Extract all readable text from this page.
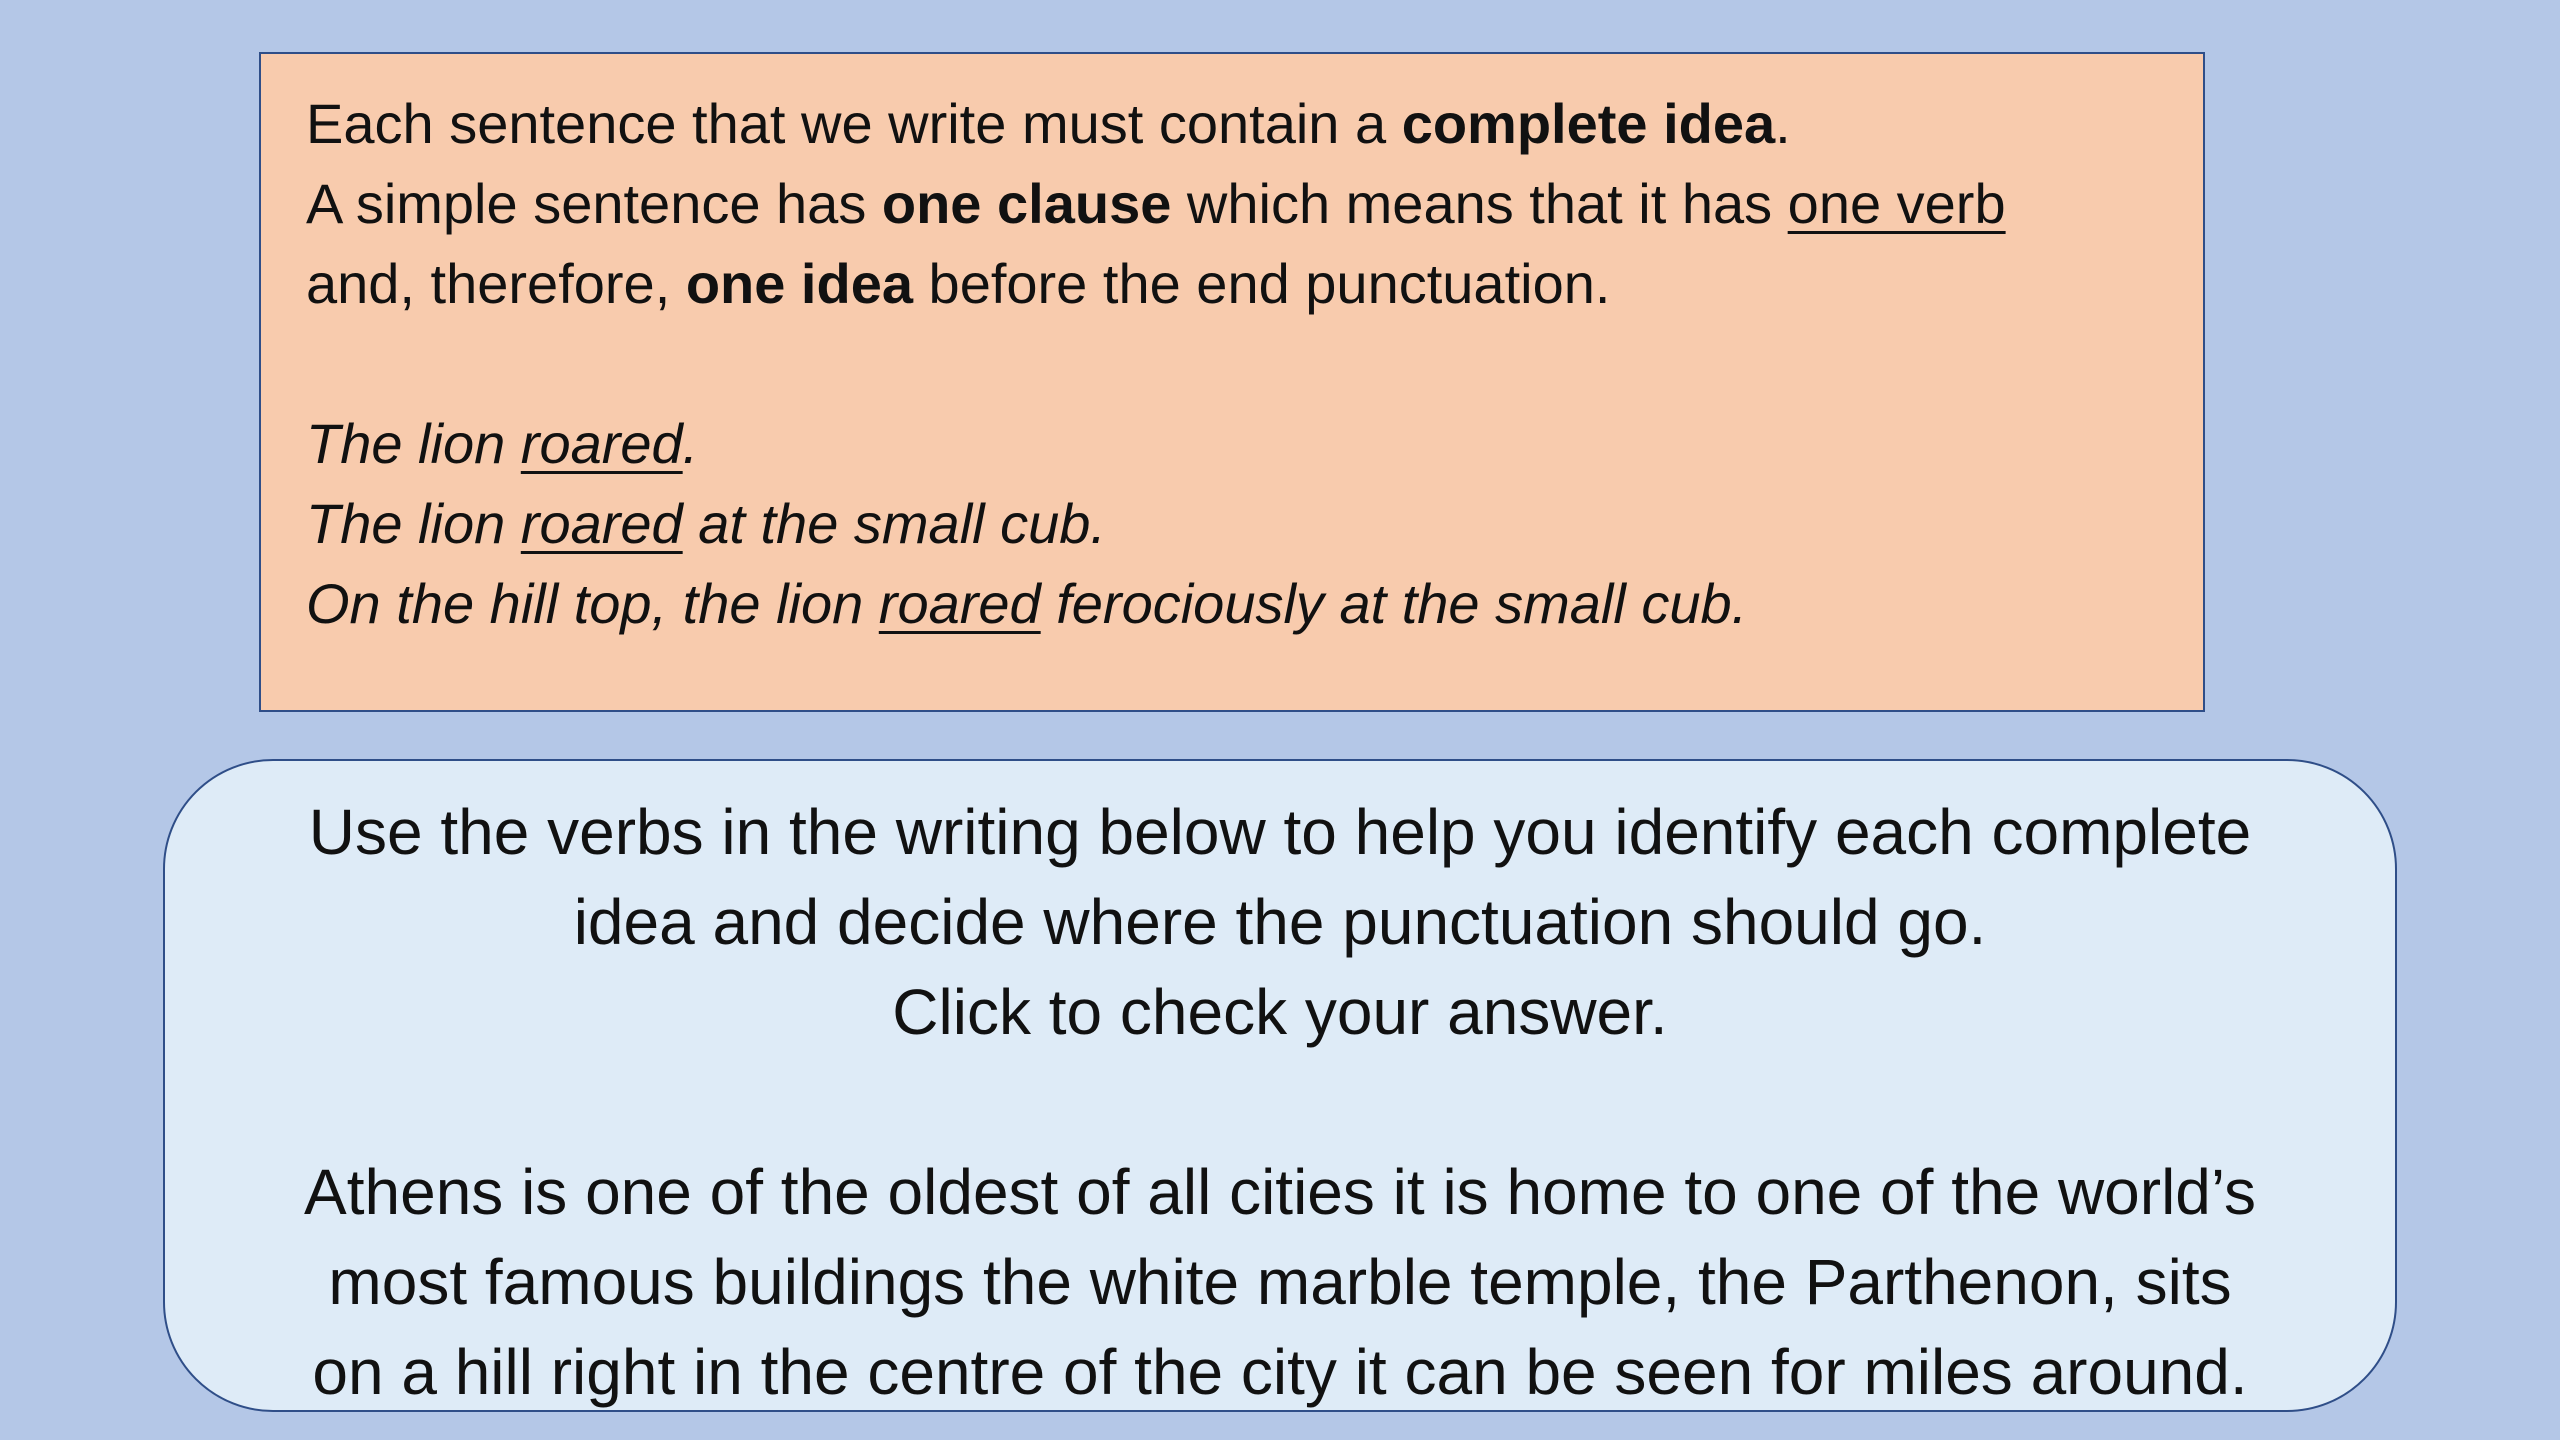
Each sentence that we write must contain a complete idea.
A simple sentence has one clause which means that it has one verb
and, therefore, one idea before the end punctuation.
The lion roared.
The lion roared at the small cub.
On the hill top, the lion roared ferociously at the small cub.
Use the verbs in the writing below to help you identify each complete
idea and decide where the punctuation should go.
Click to check your answer.
Athens is one of the oldest of all cities it is home to one of the world’s
most famous buildings the white marble temple, the Parthenon, sits
on a hill right in the centre of the city it can be seen for miles around.
